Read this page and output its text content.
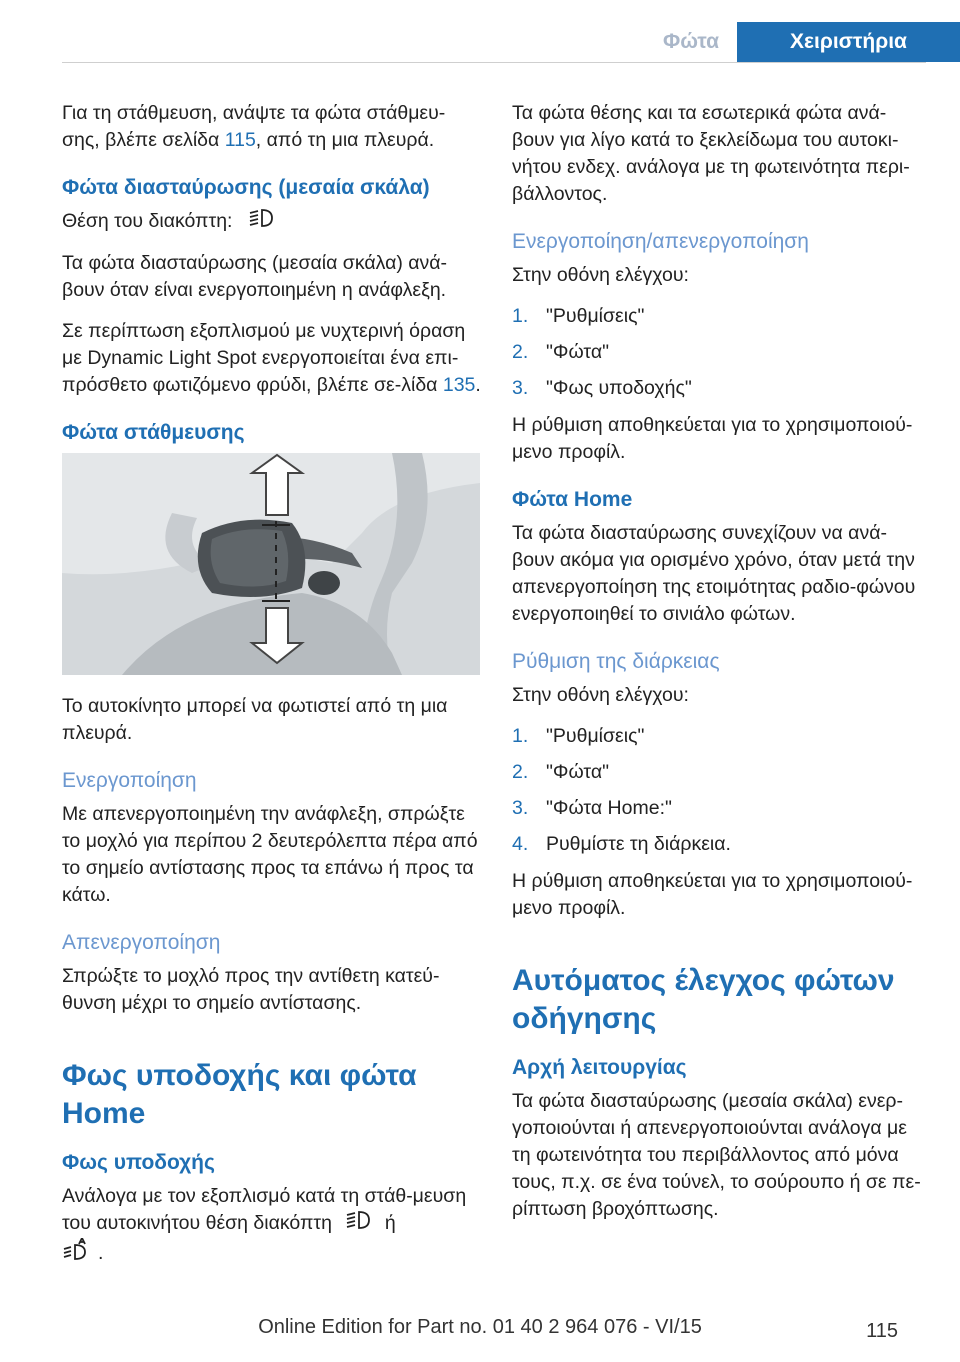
Φώτα	Χειριστήρια

Για τη στάθμευση, ανάψτε τα φώτα στάθμευ-σης, βλέπε σελίδα 115, από τη μια πλευρά.

Φώτα διασταύρωσης (μεσαία σκάλα)

Θέση του διακόπτη:

Τα φώτα διασταύρωσης (μεσαία σκάλα) ανά-βουν όταν είναι ενεργοποιημένη η ανάφλεξη.

Σε περίπτωση εξοπλισμού με νυχτερινή όραση με Dynamic Light Spot ενεργοποιείται ένα επι-πρόσθετο φωτιζόμενο φρύδι, βλέπε σε-λίδα 135.

Φώτα στάθμευσης

Το αυτοκίνητο μπορεί να φωτιστεί από τη μια πλευρά.

Ενεργοποίηση

Με απενεργοποιημένη την ανάφλεξη, σπρώξτε το μοχλό για περίπου 2 δευτερόλεπτα πέρα από το σημείο αντίστασης προς τα επάνω ή προς τα κάτω.

Απενεργοποίηση

Σπρώξτε το μοχλό προς την αντίθετη κατεύ-θυνση μέχρι το σημείο αντίστασης.

Φως υποδοχής και φώτα Home
Φως υποδοχής

Ανάλογα με τον εξοπλισμό κατά τη στάθ-μευση του αυτοκινήτου θέση διακόπτη	ή
.

Τα φώτα θέσης και τα εσωτερικά φώτα ανά-βουν για λίγο κατά το ξεκλείδωμα του αυτοκι-νήτου ενδεχ. ανάλογα με τη φωτεινότητα περι-βάλλοντος.

Ενεργοποίηση/απενεργοποίηση

Στην οθόνη ελέγχου:

1. "Ρυθμίσεις"
2. "Φώτα"
3. "Φως υποδοχής"

Η ρύθμιση αποθηκεύεται για το χρησιμοποιού-μενο προφίλ.

Φώτα Home

Τα φώτα διασταύρωσης συνεχίζουν να ανά-βουν ακόμα για ορισμένο χρόνο, όταν μετά την απενεργοποίηση της ετοιμότητας ραδιο-φώνου ενεργοποιηθεί το σινιάλο φώτων.

Ρύθμιση της διάρκειας

Στην οθόνη ελέγχου:

1. "Ρυθμίσεις"
2. "Φώτα"
3. "Φώτα Home:"
4. Ρυθμίστε τη διάρκεια.

Η ρύθμιση αποθηκεύεται για το χρησιμοποιού-μενο προφίλ.

Αυτόματος έλεγχος φώτων οδήγησης
Αρχή λειτουργίας

Τα φώτα διασταύρωσης (μεσαία σκάλα) ενερ-γοποιούνται ή απενεργοποιούνται ανάλογα με τη φωτεινότητα του περιβάλλοντος από μόνα τους, π.χ. σε ένα τούνελ, το σούρουπο ή σε πε-ρίπτωση βροχόπτωσης.

Online Edition for Part no. 01 40 2 964 076 - VI/15	115
